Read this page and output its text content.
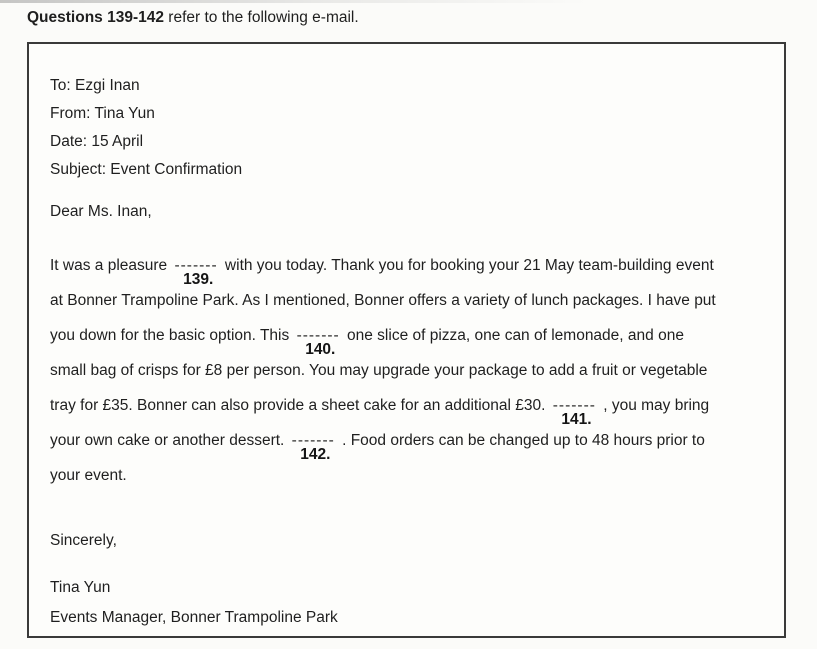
Questions 139-142 refer to the following e-mail.
To: Ezgi Inan
From: Tina Yun
Date: 15 April
Subject: Event Confirmation
Dear Ms. Inan,
It was a pleasure -------
139.
with you today. Thank you for booking your 21 May team-building event
at Bonner Trampoline Park. As I mentioned, Bonner offers a variety of lunch packages. I have put
you down for the basic option. This -------
140.
one slice of pizza, one can of lemonade, and one
small bag of crisps for £8 per person. You may upgrade your package to add a fruit or vegetable
tray for £35. Bonner can also provide a sheet cake for an additional £30. -------
141.
, you may bring
your own cake or another dessert. -------
142.
. Food orders can be changed up to 48 hours prior to
your event.
Sincerely,
Tina Yun
Events Manager, Bonner Trampoline Park
